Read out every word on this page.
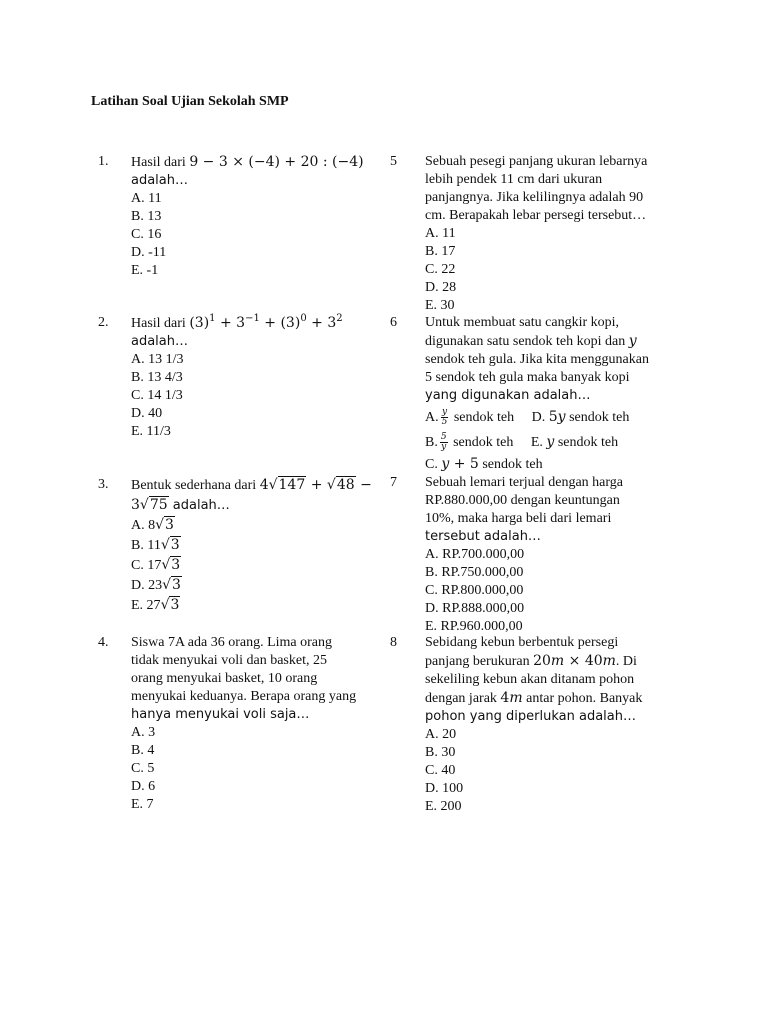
Latihan Soal Ujian Sekolah SMP
1. Hasil dari 9 − 3 × (−4) + 20 : (−4)
adalah…
A. 11
B. 13
C. 16
D. -11
E. -1
2. Hasil dari $(3)^1 + 3^{-1} + (3)^0 + 3^2$
adalah…
A. 13 1/3
B. 13 4/3
C. 14 1/3
D. 40
E. 11/3
3. Bentuk sederhana dari 4√147 + √48 −
3√75 adalah…
A. 8√3
B. 11√3
C. 17√3
D. 23√3
E. 27√3
4. Siswa 7A ada 36 orang. Lima orang
tidak menyukai voli dan basket, 25
orang menyukai basket, 10 orang
menyukai keduanya. Berapa orang yang
hanya menyukai voli saja…
A. 3
B. 4
C. 5
D. 6
E. 7
5 Sebuah pesegi panjang ukuran lebarnya
lebih pendek 11 cm dari ukuran
panjangnya. Jika kelilingnya adalah 90
cm. Berapakah lebar persegi tersebut…
A. 11
B. 17
C. 22
D. 28
E. 30
6 Untuk membuat satu cangkir kopi,
digunakan satu sendok teh kopi dan y
sendok teh gula. Jika kita menggunakan
5 sendok teh gula maka banyak kopi
yang digunakan adalah…
A. $\frac{y}{5}$ sendok teh D. 5y sendok teh
B. $\frac{5}{y}$ sendok teh E. y sendok teh
C. y + 5 sendok teh
7 Sebuah lemari terjual dengan harga
RP.880.000,00 dengan keuntungan
10%, maka harga beli dari lemari
tersebut adalah…
A. RP.700.000,00
B. RP.750.000,00
C. RP.800.000,00
D. RP.888.000,00
E. RP.960.000,00
8 Sebidang kebun berbentuk persegi
panjang berukuran 20m × 40m. Di
sekeliling kebun akan ditanam pohon
dengan jarak 4m antar pohon. Banyak
pohon yang diperlukan adalah…
A. 20
B. 30
C. 40
D. 100
E. 200
